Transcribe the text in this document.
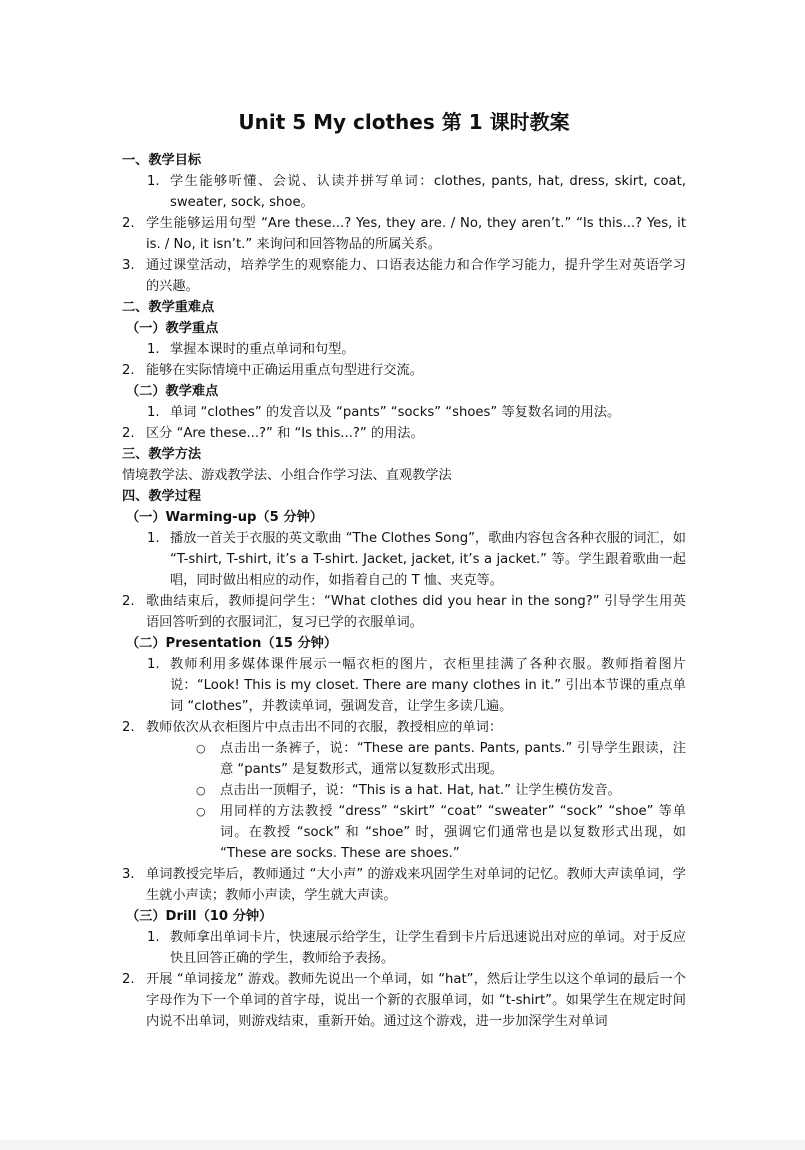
Unit 5 My clothes 第 1 课时教案
一、教学目标
1. 学生能够听懂、会说、认读并拼写单词：clothes, pants, hat, dress, skirt, coat, sweater, sock, shoe。
2. 学生能够运用句型 “Are these...? Yes, they are. / No, they aren’t.” “Is this...? Yes, it is. / No, it isn’t.” 来询问和回答物品的所属关系。
3. 通过课堂活动，培养学生的观察能力、口语表达能力和合作学习能力，提升学生对英语学习的兴趣。
二、教学重难点
（一）教学重点
1. 掌握本课时的重点单词和句型。
2. 能够在实际情境中正确运用重点句型进行交流。
（二）教学难点
1. 单词 “clothes” 的发音以及 “pants” “socks” “shoes” 等复数名词的用法。
2. 区分 “Are these...?” 和 “Is this...?” 的用法。
三、教学方法
情境教学法、游戏教学法、小组合作学习法、直观教学法
四、教学过程
（一）Warming-up（5 分钟）
1. 播放一首关于衣服的英文歌曲 “The Clothes Song”，歌曲内容包含各种衣服的词汇，如 “T-shirt, T-shirt, it’s a T-shirt. Jacket, jacket, it’s a jacket.” 等。学生跟着歌曲一起唱，同时做出相应的动作，如指着自己的 T 恤、夹克等。
2. 歌曲结束后，教师提问学生：“What clothes did you hear in the song?” 引导学生用英语回答听到的衣服词汇，复习已学的衣服单词。
（二）Presentation（15 分钟）
1. 教师利用多媒体课件展示一幅衣柜的图片，衣柜里挂满了各种衣服。教师指着图片说：“Look! This is my closet. There are many clothes in it.” 引出本节课的重点单词 “clothes”，并教读单词，强调发音，让学生多读几遍。
2. 教师依次从衣柜图片中点击出不同的衣服，教授相应的单词：
○ 点击出一条裤子，说：“These are pants. Pants, pants.” 引导学生跟读，注意 “pants” 是复数形式，通常以复数形式出现。
○ 点击出一顶帽子，说：“This is a hat. Hat, hat.” 让学生模仿发音。
○ 用同样的方法教授 “dress” “skirt” “coat” “sweater” “sock” “shoe” 等单词。在教授 “sock” 和 “shoe” 时，强调它们通常也是以复数形式出现，如 “These are socks. These are shoes.”
3. 单词教授完毕后，教师通过 “大小声” 的游戏来巩固学生对单词的记忆。教师大声读单词，学生就小声读；教师小声读，学生就大声读。
（三）Drill（10 分钟）
1. 教师拿出单词卡片，快速展示给学生，让学生看到卡片后迅速说出对应的单词。对于反应快且回答正确的学生，教师给予表扬。
2. 开展 “单词接龙” 游戏。教师先说出一个单词，如 “hat”，然后让学生以这个单词的最后一个字母作为下一个单词的首字母，说出一个新的衣服单词，如 “t-shirt”。如果学生在规定时间内说不出单词，则游戏结束，重新开始。通过这个游戏，进一步加深学生对单词
